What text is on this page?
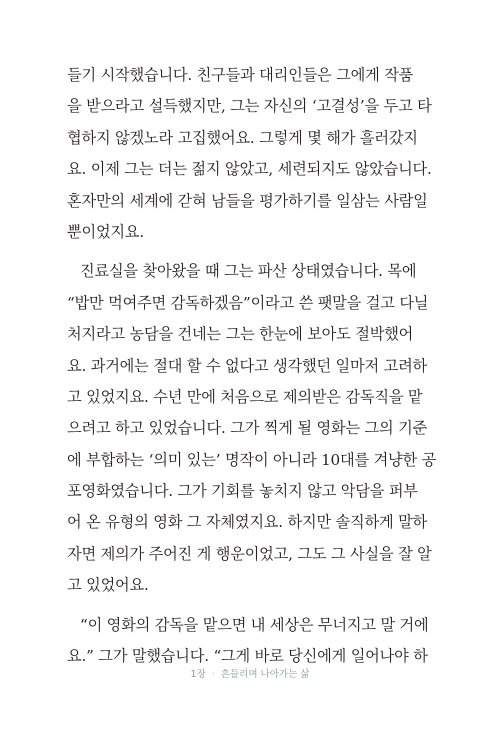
들기 시작했습니다. 친구들과 대리인들은 그에게 작품
을 받으라고 설득했지만, 그는 자신의 ‘고결성’을 두고 타
협하지 않겠노라 고집했어요. 그렇게 몇 해가 흘러갔지
요. 이제 그는 더는 젊지 않았고, 세련되지도 않았습니다.
혼자만의 세계에 갇혀 남들을 평가하기를 일삼는 사람일
뿐이었지요.
진료실을 찾아왔을 때 그는 파산 상태였습니다. 목에
“밥만 먹여주면 감독하겠음”이라고 쓴 팻말을 걸고 다닐
처지라고 농담을 건네는 그는 한눈에 보아도 절박했어
요. 과거에는 절대 할 수 없다고 생각했던 일마저 고려하
고 있었지요. 수년 만에 처음으로 제의받은 감독직을 맡
으려고 하고 있었습니다. 그가 찍게 될 영화는 그의 기준
에 부합하는 ‘의미 있는’ 명작이 아니라 10대를 겨냥한 공
포영화였습니다. 그가 기회를 놓치지 않고 악담을 퍼부
어 온 유형의 영화 그 자체였지요. 하지만 솔직하게 말하
자면 제의가 주어진 게 행운이었고, 그도 그 사실을 잘 알
고 있었어요.
“이 영화의 감독을 맡으면 내 세상은 무너지고 말 거에
요.” 그가 말했습니다. “그게 바로 당신에게 일어나야 하
1장 · 흔들리며 나아가는 삶
